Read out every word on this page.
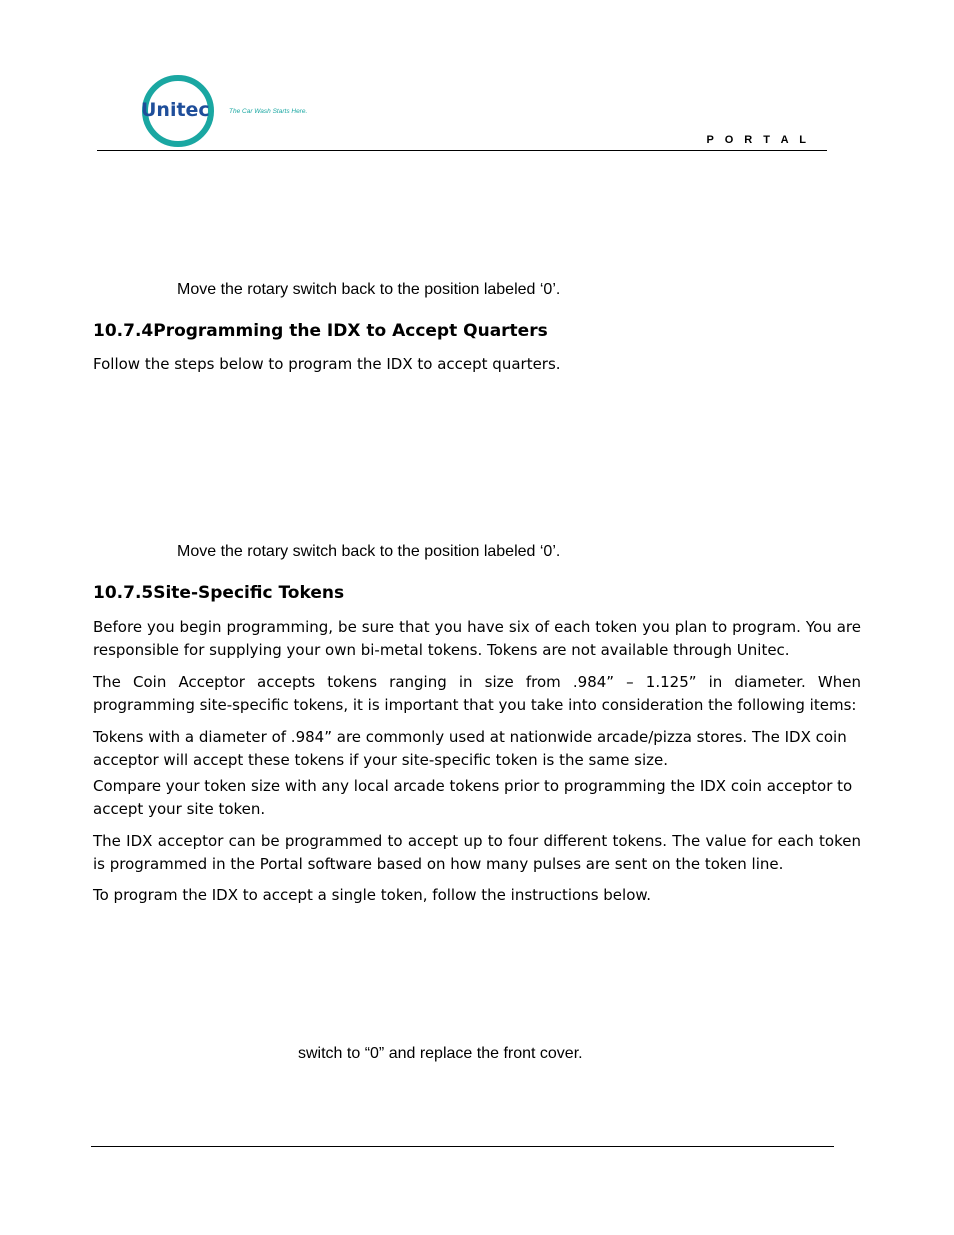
Unitec	The Car Wash Starts Here.
P O R T A L
Move the rotary switch back to the position labeled ‘0’.
10.7.4Programming the IDX to Accept Quarters

Follow the steps below to program the IDX to accept quarters.

Move the rotary switch back to the position labeled ‘0’.
10.7.5Site-Specific Tokens

Before you begin programming, be sure that you have six of each token you plan to program. You are responsible for supplying your own bi-metal tokens. Tokens are not available through Unitec.

The Coin Acceptor accepts tokens ranging in size from .984” – 1.125” in diameter. When programming site-specific tokens, it is important that you take into consideration the following items:

Tokens with a diameter of .984” are commonly used at nationwide arcade/pizza stores. The IDX coin acceptor will accept these tokens if your site-specific token is the same size.

Compare your token size with any local arcade tokens prior to programming the IDX coin acceptor to accept your site token.

The IDX acceptor can be programmed to accept up to four different tokens. The value for each token is programmed in the Portal software based on how many pulses are sent on the token line.

To program the IDX to accept a single token, follow the instructions below.

switch to “0” and replace the front cover.
